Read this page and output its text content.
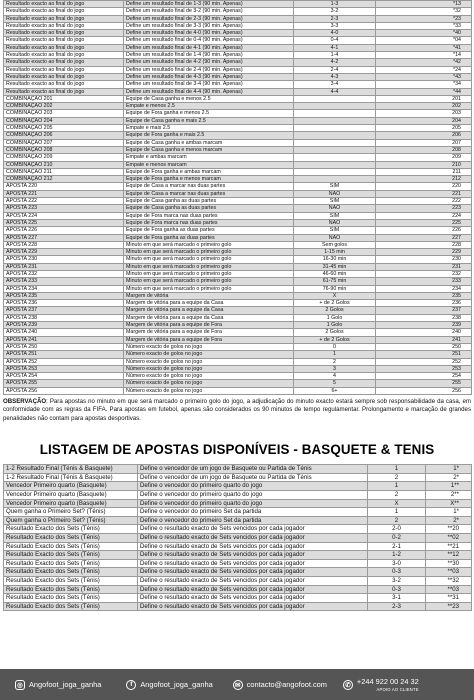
Resultado exacto ao final do jogo	Define um resultado final de 1-3 (90 min. Apenas)	1-3	*13
Resultado exacto ao final do jogo	Define um resultado final de 3-2 (90 min. Apenas)	3-2	*32
Resultado exacto ao final do jogo	Define um resultado final de 2-3 (90 min. Apenas)	2-3	*23
Resultado exacto ao final do jogo	Define um resultado final de 3-3 (90 min. Apenas)	3-3	*33
Resultado exacto ao final do jogo	Define um resultado final de 4-0 (90 min. Apenas)	4-0	*40
Resultado exacto ao final do jogo	Define um resultado final de 0-4 (90 min. Apenas)	0-4	*04
Resultado exacto ao final do jogo	Define um resultado final de 4-1 (90 min. Apenas)	4-1	*41
Resultado exacto ao final do jogo	Define um resultado final de 1-4 (90 min. Apenas)	1-4	*14
Resultado exacto ao final do jogo	Define um resultado final de 4-2 (90 min. Apenas)	4-2	*42
Resultado exacto ao final do jogo	Define um resultado final de 2-4 (90 min. Apenas)	2-4	*24
Resultado exacto ao final do jogo	Define um resultado final de 4-3 (90 min. Apenas)	4-3	*43
Resultado exacto ao final do jogo	Define um resultado final de 3-4 (90 min. Apenas)	3-4	*34
Resultado exacto ao final do jogo	Define um resultado final de 4-4 (90 min. Apenas)	4-4	*44
COMBINAÇÃO 201	Equipe de Casa ganha e menos 2.5		201
COMBINAÇÃO 202	Empate e menos 2.5		202
COMBINAÇÃO 203	Equipe de Fora ganha e menos 2.5		203
COMBINAÇÃO 204	Equipe de Casa ganha e mais 2.5		204
COMBINAÇÃO 205	Empate e mais 2.5		205
COMBINAÇÃO 206	Equipe de Fora ganha e mais 2.5		206
COMBINAÇÃO 207	Equipe de Casa ganha e ambas marcam		207
COMBINAÇÃO 208	Equipe de Casa ganha e menos marcam		208
COMBINAÇÃO 209	Empate e ambas marcam		209
COMBINAÇÃO 210	Empate e menos marcam		210
COMBINAÇÃO 211	Equipe de Fora ganha e ambas marcam		211
COMBINAÇÃO 212	Equipe de Fora ganha e menos marcam		212
APOSTA 220	Equipe de Casa a marcar nas duas partes	SIM	220
APOSTA 221	Equipe de Casa a marcar nas duas partes	NÃO	221
APOSTA 222	Equipe de Casa ganha as duas partes	SIM	222
APOSTA 223	Equipe de Casa ganha as duas partes	NÃO	223
APOSTA 224	Equipe de Fora marca nas duas partes	SIM	224
APOSTA 225	Equipe de Fora marca nas duas partes	NÃO	225
APOSTA 226	Equipe de Fora ganha as duas partes	SIM	226
APOSTA 227	Equipe de Fora ganha as duas partes	NÃO	227
APOSTA 228	Minuto em que será marcado o primeiro golo	Sem golos	228
APOSTA 229	Minuto em que será marcado o primeiro golo	1-15 min	229
APOSTA 230	Minuto em que será marcado o primeiro golo	16-30 min	230
APOSTA 231	Minuto em que será marcado o primeiro golo	31-45 min	231
APOSTA 232	Minuto em que será marcado o primeiro golo	46-60 min	232
APOSTA 233	Minuto em que será marcado o primeiro golo	61-75 min	233
APOSTA 234	Minuto em que será marcado o primeiro golo	76-90 min	234
APOSTA 235	Margem de vitória	X	235
APOSTA 236	Margem de vitória para a equipe da Casa	+ de 2 Golos	236
APOSTA 237	Margem de vitória para a equipe da Casa	2 Golos	237
APOSTA 238	Margem de vitória para a equipe da Casa	1 Golo	238
APOSTA 239	Margem de vitória para a equipe de Fora	1 Golo	239
APOSTA 240	Margem de vitória para a equipe de Fora	2 Golos	240
APOSTA 241	Margem de vitória para a equipe de Fora	+ de 2 Golos	241
APOSTA 250	Número exacto de golos no jogo	0	250
APOSTA 251	Número exacto de golos no jogo	1	251
APOSTA 252	Número exacto de golos no jogo	2	252
APOSTA 253	Número exacto de golos no jogo	3	253
APOSTA 254	Número exacto de golos no jogo	4	254
APOSTA 255	Número exacto de golos no jogo	5	255
APOSTA 256	Número exacto de golos no jogo	6+	256
OBSERVAÇÃO: Para apostas no minuto em que será marcado o primeiro golo do jogo, a adjudicação do minuto exacto estará sempre sob responsabilidade da casa, em conformidade com as regras da FIFA. Para apostas em futebol, apenas são considerados os 90 minutos de tempo regulamentar. Prolongamento e marcação de grandes penalidades não contam para apostas desportivas.
LISTAGEM DE APOSTAS DISPONÍVEIS - BASQUETE & TENIS
1-2 Resultado Final (Ténis & Basquete)	Define o vencedor de um jogo de Basquete ou Partida de Ténis	1	1*
1-2 Resultado Final (Ténis & Basquete)	Define o vencedor de um jogo de Basquete ou Partida de Ténis	2	2*
Vencedor Primeiro quarto (Basquete)	Define o vencedor do primeiro quarto do jogo	1	1**
Vencedor Primeiro quarto (Basquete)	Define o vencedor do primeiro quarto do jogo	2	2**
Vencedor Primeiro quarto (Basquete)	Define o vencedor do primeiro quarto do jogo	X	X**
Quem ganha o Primeiro Set? (Ténis)	Define o vencedor do primeiro Set da partida	1	1*
Quem ganha o Primeiro Set? (Ténis)	Define o vencedor do primeiro Set da partida	2	2*
Resultado Exacto dos Sets (Ténis)	Define o resultado exacto de Sets vencidos por cada jogador	2-0	**20
Resultado Exacto dos Sets (Ténis)	Define o resultado exacto de Sets vencidos por cada jogador	0-2	**02
Resultado Exacto dos Sets (Ténis)	Define o resultado exacto de Sets vencidos por cada jogador	2-1	**21
Resultado Exacto dos Sets (Ténis)	Define o resultado exacto de Sets vencidos por cada jogador	1-2	**12
Resultado Exacto dos Sets (Ténis)	Define o resultado exacto de Sets vencidos por cada jogador	3-0	**30
Resultado Exacto dos Sets (Ténis)	Define o resultado exacto de Sets vencidos por cada jogador	0-3	**03
Resultado Exacto dos Sets (Ténis)	Define o resultado exacto de Sets vencidos por cada jogador	3-2	**32
Resultado Exacto dos Sets (Ténis)	Define o resultado exacto de Sets vencidos por cada jogador	0-3	**03
Resultado Exacto dos Sets (Ténis)	Define o resultado exacto de Sets vencidos por cada jogador	3-1	**31
Resultado Exacto dos Sets (Ténis)	Define o resultado exacto de Sets vencidos por cada jogador	2-3	**23
◎ Angofoot_joga_ganha	f	Angofoot_joga_ganha	✉ contacto@angofoot.com	✆ +244 922 00 24 32
APOIO AO CLIENTE
